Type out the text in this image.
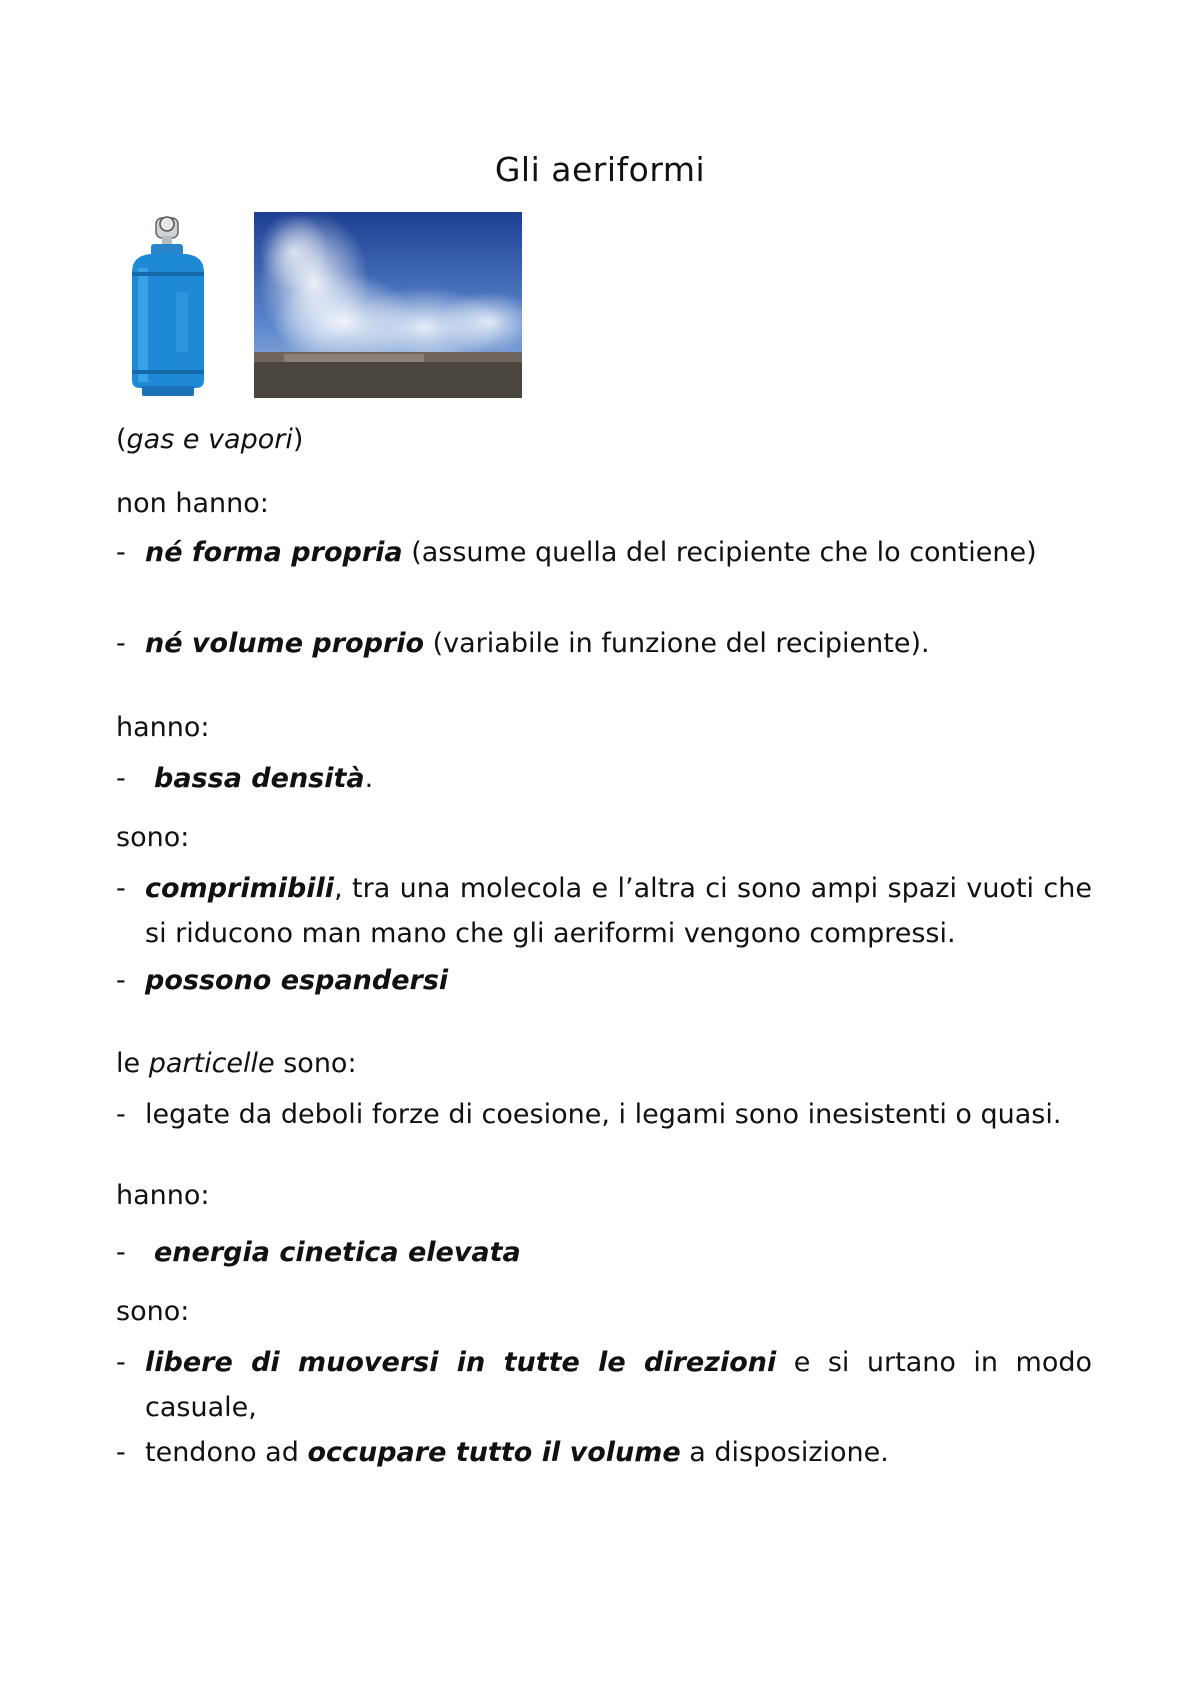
Gli aeriformi
(gas e vapori)
non hanno:
- né forma propria (assume quella del recipiente che lo contiene)
- né volume proprio (variabile in funzione del recipiente).
hanno:
- bassa densità.
sono:
- comprimibili, tra una molecola e l’altra ci sono ampi spazi vuoti che si riducono man mano che gli aeriformi vengono compressi.
- possono espandersi
le particelle sono:
- legate da deboli forze di coesione, i legami sono inesistenti o quasi.
hanno:
- energia cinetica elevata
sono:
- libere di muoversi in tutte le direzioni e si urtano in modo casuale,
- tendono ad occupare tutto il volume a disposizione.
